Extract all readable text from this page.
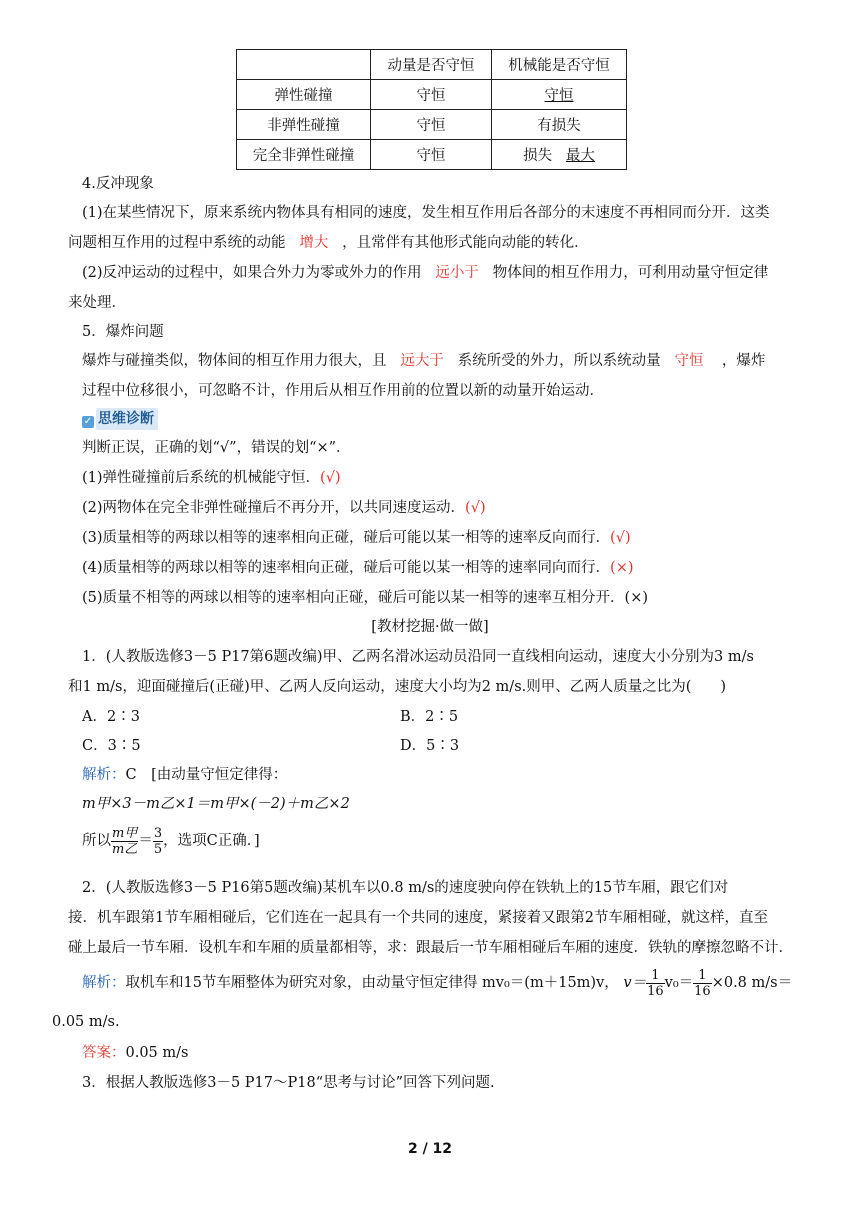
	动量是否守恒	机械能是否守恒
弹性碰撞	守恒	守恒
非弹性碰撞	守恒	有损失
完全非弹性碰撞	守恒	损失 最大
4.反冲现象
(1)在某些情况下，原来系统内物体具有相同的速度，发生相互作用后各部分的末速度不再相同而分开．这类
问题相互作用的过程中系统的动能 增大 ，且常伴有其他形式能向动能的转化．
(2)反冲运动的过程中，如果合外力为零或外力的作用 远小于 物体间的相互作用力，可利用动量守恒定律
来处理．
5．爆炸问题
爆炸与碰撞类似，物体间的相互作用力很大，且 远大于 系统所受的外力，所以系统动量 守恒 ，爆炸
过程中位移很小，可忽略不计，作用后从相互作用前的位置以新的动量开始运动．
✓ 思维诊断
判断正误，正确的划“√”，错误的划“×”．
(1)弹性碰撞前后系统的机械能守恒．(√)
(2)两物体在完全非弹性碰撞后不再分开，以共同速度运动．(√)
(3)质量相等的两球以相等的速率相向正碰，碰后可能以某一相等的速率反向而行．(√)
(4)质量相等的两球以相等的速率相向正碰，碰后可能以某一相等的速率同向而行．(×)
(5)质量不相等的两球以相等的速率相向正碰，碰后可能以某一相等的速率互相分开．(×)
[教材挖掘·做一做]
1．(人教版选修3－5 P17第6题改编)甲、乙两名滑冰运动员沿同一直线相向运动，速度大小分别为3 m/s
和1 m/s，迎面碰撞后(正碰)甲、乙两人反向运动，速度大小均为2 m/s.则甲、乙两人质量之比为(　　)
A．2∶3	B．2∶5
C．3∶5	D．5∶3
解析：C　[由动量守恒定律得：
m甲×3－m乙×1＝m甲×(－2)＋m乙×2
所以 $\frac{\text{m甲}}{\text{m乙}} = \frac{3}{5}$ ，选项C正确．]
2．(人教版选修3－5 P16第5题改编)某机车以0.8 m/s的速度驶向停在铁轨上的15节车厢，跟它们对
接．机车跟第1节车厢相碰后，它们连在一起具有一个共同的速度，紧接着又跟第2节车厢相碰，就这样，直至
碰上最后一节车厢．设机车和车厢的质量都相等，求：跟最后一节车厢相碰后车厢的速度．铁轨的摩擦忽略不计．
解析：取机车和15节车厢整体为研究对象，由动量守恒定律得 mv₀＝(m＋15m)v， $v= \frac{1}{16} v_0= \frac{1}{16} \times 0.8$ m/s＝
0.05 m/s.
答案：0.05 m/s
3．根据人教版选修3－5 P17～P18“思考与讨论”回答下列问题.
2 / 12
